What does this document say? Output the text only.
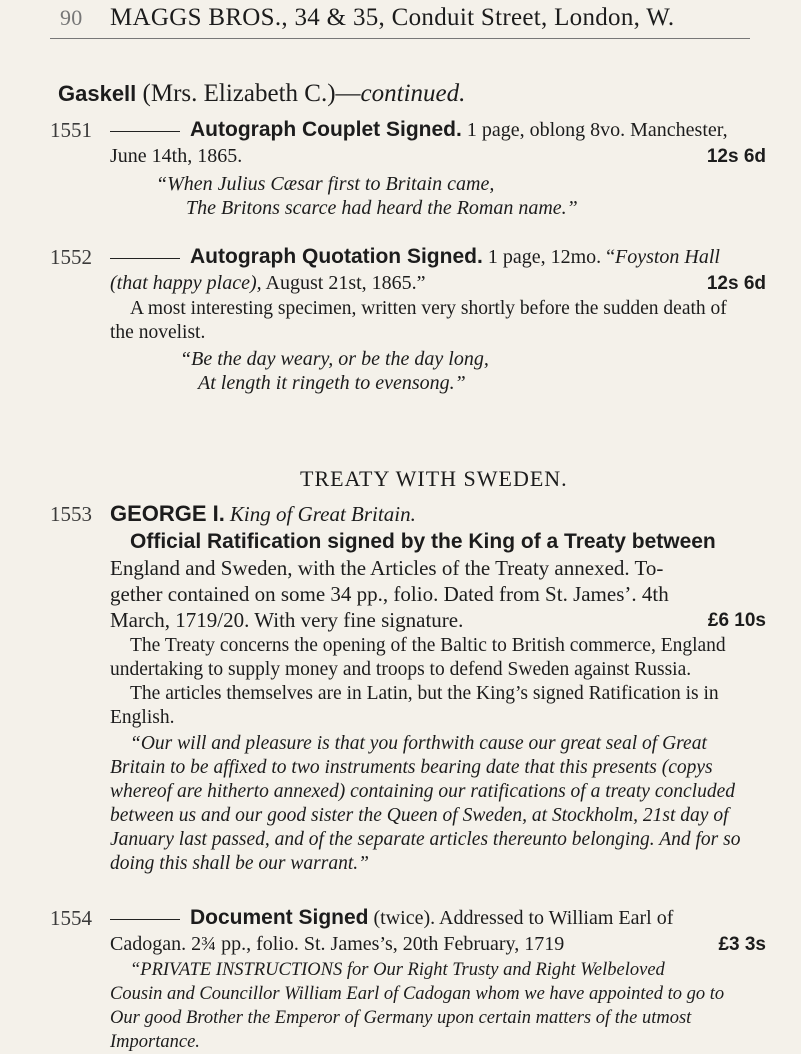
90 MAGGS BROS., 34 & 35, Conduit Street, London, W.
Gaskell (Mrs. Elizabeth C.)—continued.
1551	Autograph Couplet Signed. 1 page, oblong 8vo. Manchester,
June 14th, 1865.	12s 6d
“When Julius Cæsar first to Britain came,
The Britons scarce had heard the Roman name.”
1552	Autograph Quotation Signed. 1 page, 12mo. “Foyston Hall
(that happy place), August 21st, 1865.”	12s 6d
A most interesting specimen, written very shortly before the sudden death of
the novelist.
“Be the day weary, or be the day long,
At length it ringeth to evensong.”
TREATY WITH SWEDEN.
1553 GEORGE I. King of Great Britain.
Official Ratification signed by the King of a Treaty between
England and Sweden, with the Articles of the Treaty annexed. To-
gether contained on some 34 pp., folio. Dated from St. James’. 4th
March, 1719/20. With very fine signature.	£6 10s
The Treaty concerns the opening of the Baltic to British commerce, England
undertaking to supply money and troops to defend Sweden against Russia.
The articles themselves are in Latin, but the King’s signed Ratification is in
English.
“Our will and pleasure is that you forthwith cause our great seal of Great
Britain to be affixed to two instruments bearing date that this presents (copys
whereof are hitherto annexed) containing our ratifications of a treaty concluded
between us and our good sister the Queen of Sweden, at Stockholm, 21st day of
January last passed, and of the separate articles thereunto belonging. And for so
doing this shall be our warrant.”
1554	Document Signed (twice). Addressed to William Earl of
Cadogan. 2¾ pp., folio. St. James’s, 20th February, 1719	£3 3s
“PRIVATE INSTRUCTIONS for Our Right Trusty and Right Welbeloved
Cousin and Councillor William Earl of Cadogan whom we have appointed to go to
Our good Brother the Emperor of Germany upon certain matters of the utmost
Importance.
